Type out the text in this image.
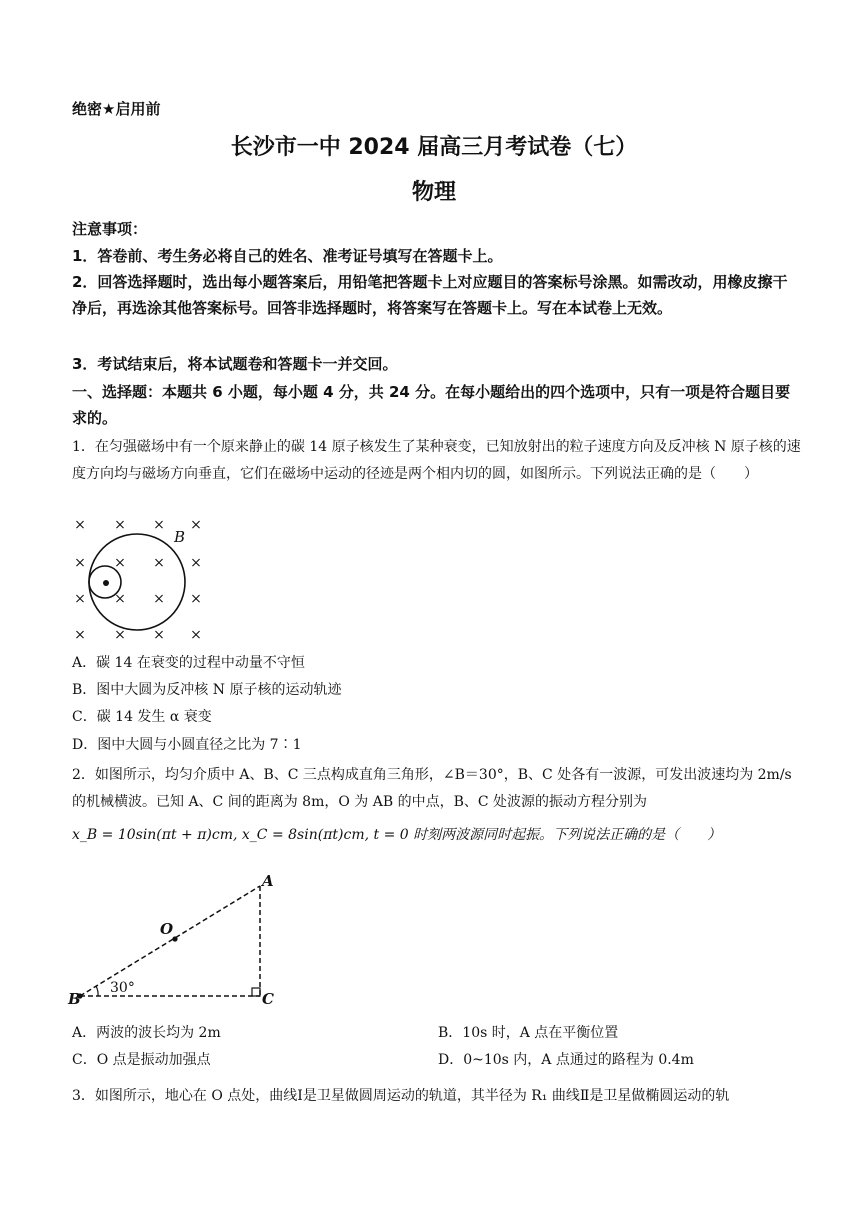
绝密★启用前
长沙市一中 2024 届高三月考试卷（七）
物理
注意事项：
1．答卷前、考生务必将自己的姓名、准考证号填写在答题卡上。
2．回答选择题时，选出每小题答案后，用铅笔把答题卡上对应题目的答案标号涂黑。如需改动，用橡皮擦干净后，再选涂其他答案标号。回答非选择题时，将答案写在答题卡上。写在本试卷上无效。
3．考试结束后，将本试题卷和答题卡一并交回。
一、选择题：本题共 6 小题，每小题 4 分，共 24 分。在每小题给出的四个选项中，只有一项是符合题目要求的。
1．在匀强磁场中有一个原来静止的碳 14 原子核发生了某种衰变，已知放射出的粒子速度方向及反冲核 N 原子核的速度方向均与磁场方向垂直，它们在磁场中运动的径迹是两个相内切的圆，如图所示。下列说法正确的是（　　）
× × × ×
× × × ×
× × × ×
× × × ×
B
A．碳 14 在衰变的过程中动量不守恒
B．图中大圆为反冲核 N 原子核的运动轨迹
C．碳 14 发生 α 衰变
D．图中大圆与小圆直径之比为 7∶1
2．如图所示，均匀介质中 A、B、C 三点构成直角三角形，∠B＝30°，B、C 处各有一波源，可发出波速均为 2m/s 的机械横波。已知 A、C 间的距离为 8m，O 为 AB 的中点，B、C 处波源的振动方程分别为
x_B = 10sin(πt + π)cm, x_C = 8sin(πt)cm, t = 0 时刻两波源同时起振。下列说法正确的是（　　）
A
O
B	C
30°
A．两波的波长均为 2m	B．10s 时，A 点在平衡位置
C．O 点是振动加强点	D．0~10s 内，A 点通过的路程为 0.4m
3．如图所示，地心在 O 点处，曲线Ⅰ是卫星做圆周运动的轨道，其半径为 R₁ 曲线Ⅱ是卫星做椭圆运动的轨
